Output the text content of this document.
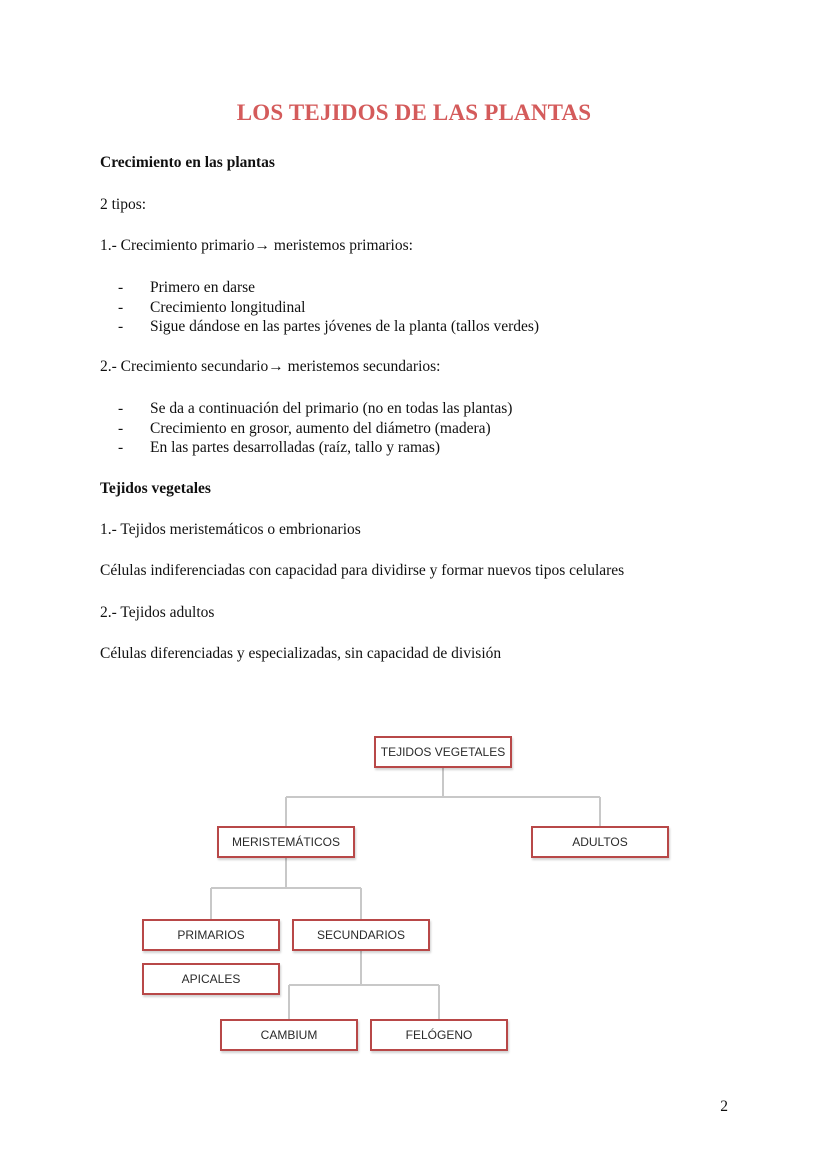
LOS TEJIDOS DE LAS PLANTAS
Crecimiento en las plantas
2 tipos:
1.- Crecimiento primario→ meristemos primarios:
- Primero en darse
- Crecimiento longitudinal
- Sigue dándose en las partes jóvenes de la planta (tallos verdes)
2.- Crecimiento secundario→ meristemos secundarios:
- Se da a continuación del primario (no en todas las plantas)
- Crecimiento en grosor, aumento del diámetro (madera)
- En las partes desarrolladas (raíz, tallo y ramas)
Tejidos vegetales
1.- Tejidos meristemáticos o embrionarios
Células indiferenciadas con capacidad para dividirse y formar nuevos tipos celulares
2.- Tejidos adultos
Células diferenciadas y especializadas, sin capacidad de división
TEJIDOS VEGETALES
MERISTEMÁTICOS	ADULTOS
PRIMARIOS	SECUNDARIOS
APICALES
CAMBIUM	FELÓGENO
2
